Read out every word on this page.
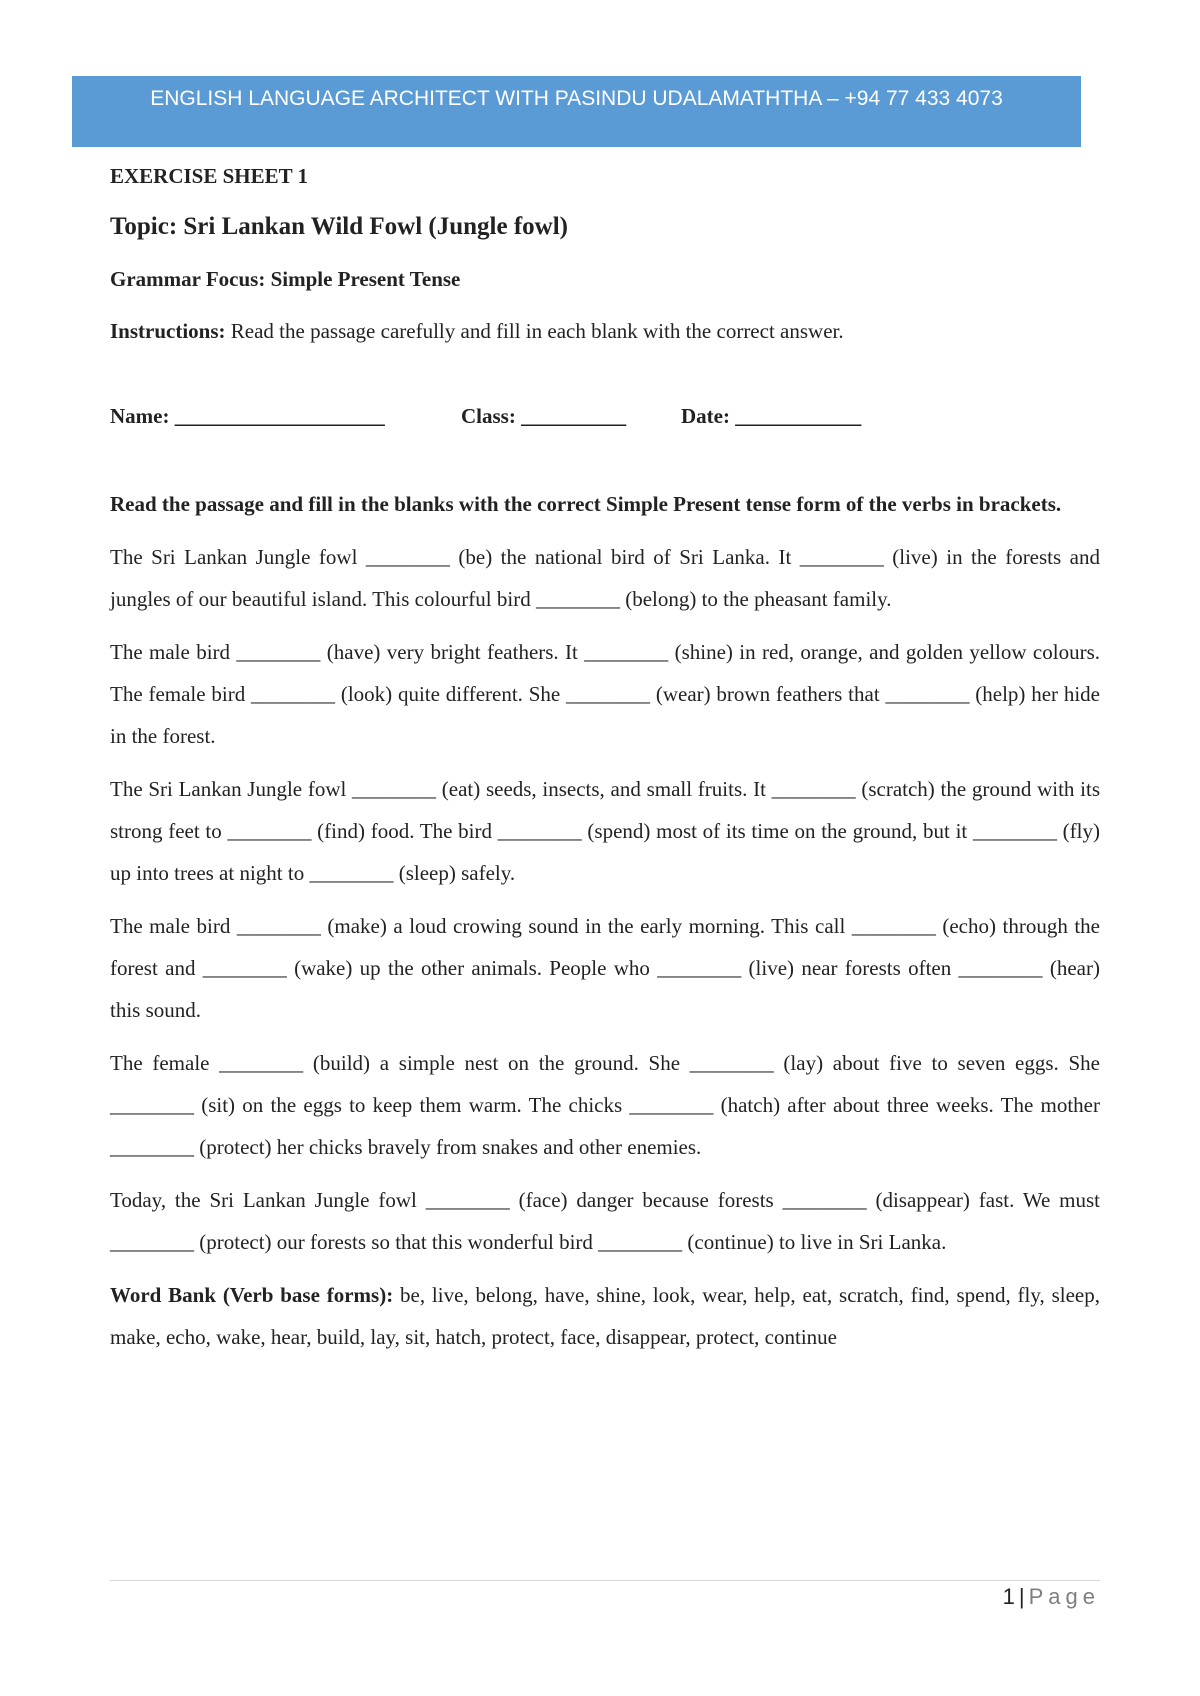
ENGLISH LANGUAGE ARCHITECT WITH PASINDU UDALAMATHTHA – +94 77 433 4073
EXERCISE SHEET 1
Topic: Sri Lankan Wild Fowl (Jungle fowl)
Grammar Focus: Simple Present Tense
Instructions: Read the passage carefully and fill in each blank with the correct answer.
Name: ____________________	Class: __________	Date: ____________
Read the passage and fill in the blanks with the correct Simple Present tense form of the verbs in brackets.

The Sri Lankan Jungle fowl ________ (be) the national bird of Sri Lanka. It ________ (live) in the forests and jungles of our beautiful island. This colourful bird ________ (belong) to the pheasant family.

The male bird ________ (have) very bright feathers. It ________ (shine) in red, orange, and golden yellow colours. The female bird ________ (look) quite different. She ________ (wear) brown feathers that ________ (help) her hide in the forest.

The Sri Lankan Jungle fowl ________ (eat) seeds, insects, and small fruits. It ________ (scratch) the ground with its strong feet to ________ (find) food. The bird ________ (spend) most of its time on the ground, but it ________ (fly) up into trees at night to ________ (sleep) safely.

The male bird ________ (make) a loud crowing sound in the early morning. This call ________ (echo) through the forest and ________ (wake) up the other animals. People who ________ (live) near forests often ________ (hear) this sound.

The female ________ (build) a simple nest on the ground. She ________ (lay) about five to seven eggs. She ________ (sit) on the eggs to keep them warm. The chicks ________ (hatch) after about three weeks. The mother ________ (protect) her chicks bravely from snakes and other enemies.

Today, the Sri Lankan Jungle fowl ________ (face) danger because forests ________ (disappear) fast. We must ________ (protect) our forests so that this wonderful bird ________ (continue) to live in Sri Lanka.

Word Bank (Verb base forms): be, live, belong, have, shine, look, wear, help, eat, scratch, find, spend, fly, sleep, make, echo, wake, hear, build, lay, sit, hatch, protect, face, disappear, protect, continue

1 | Page
